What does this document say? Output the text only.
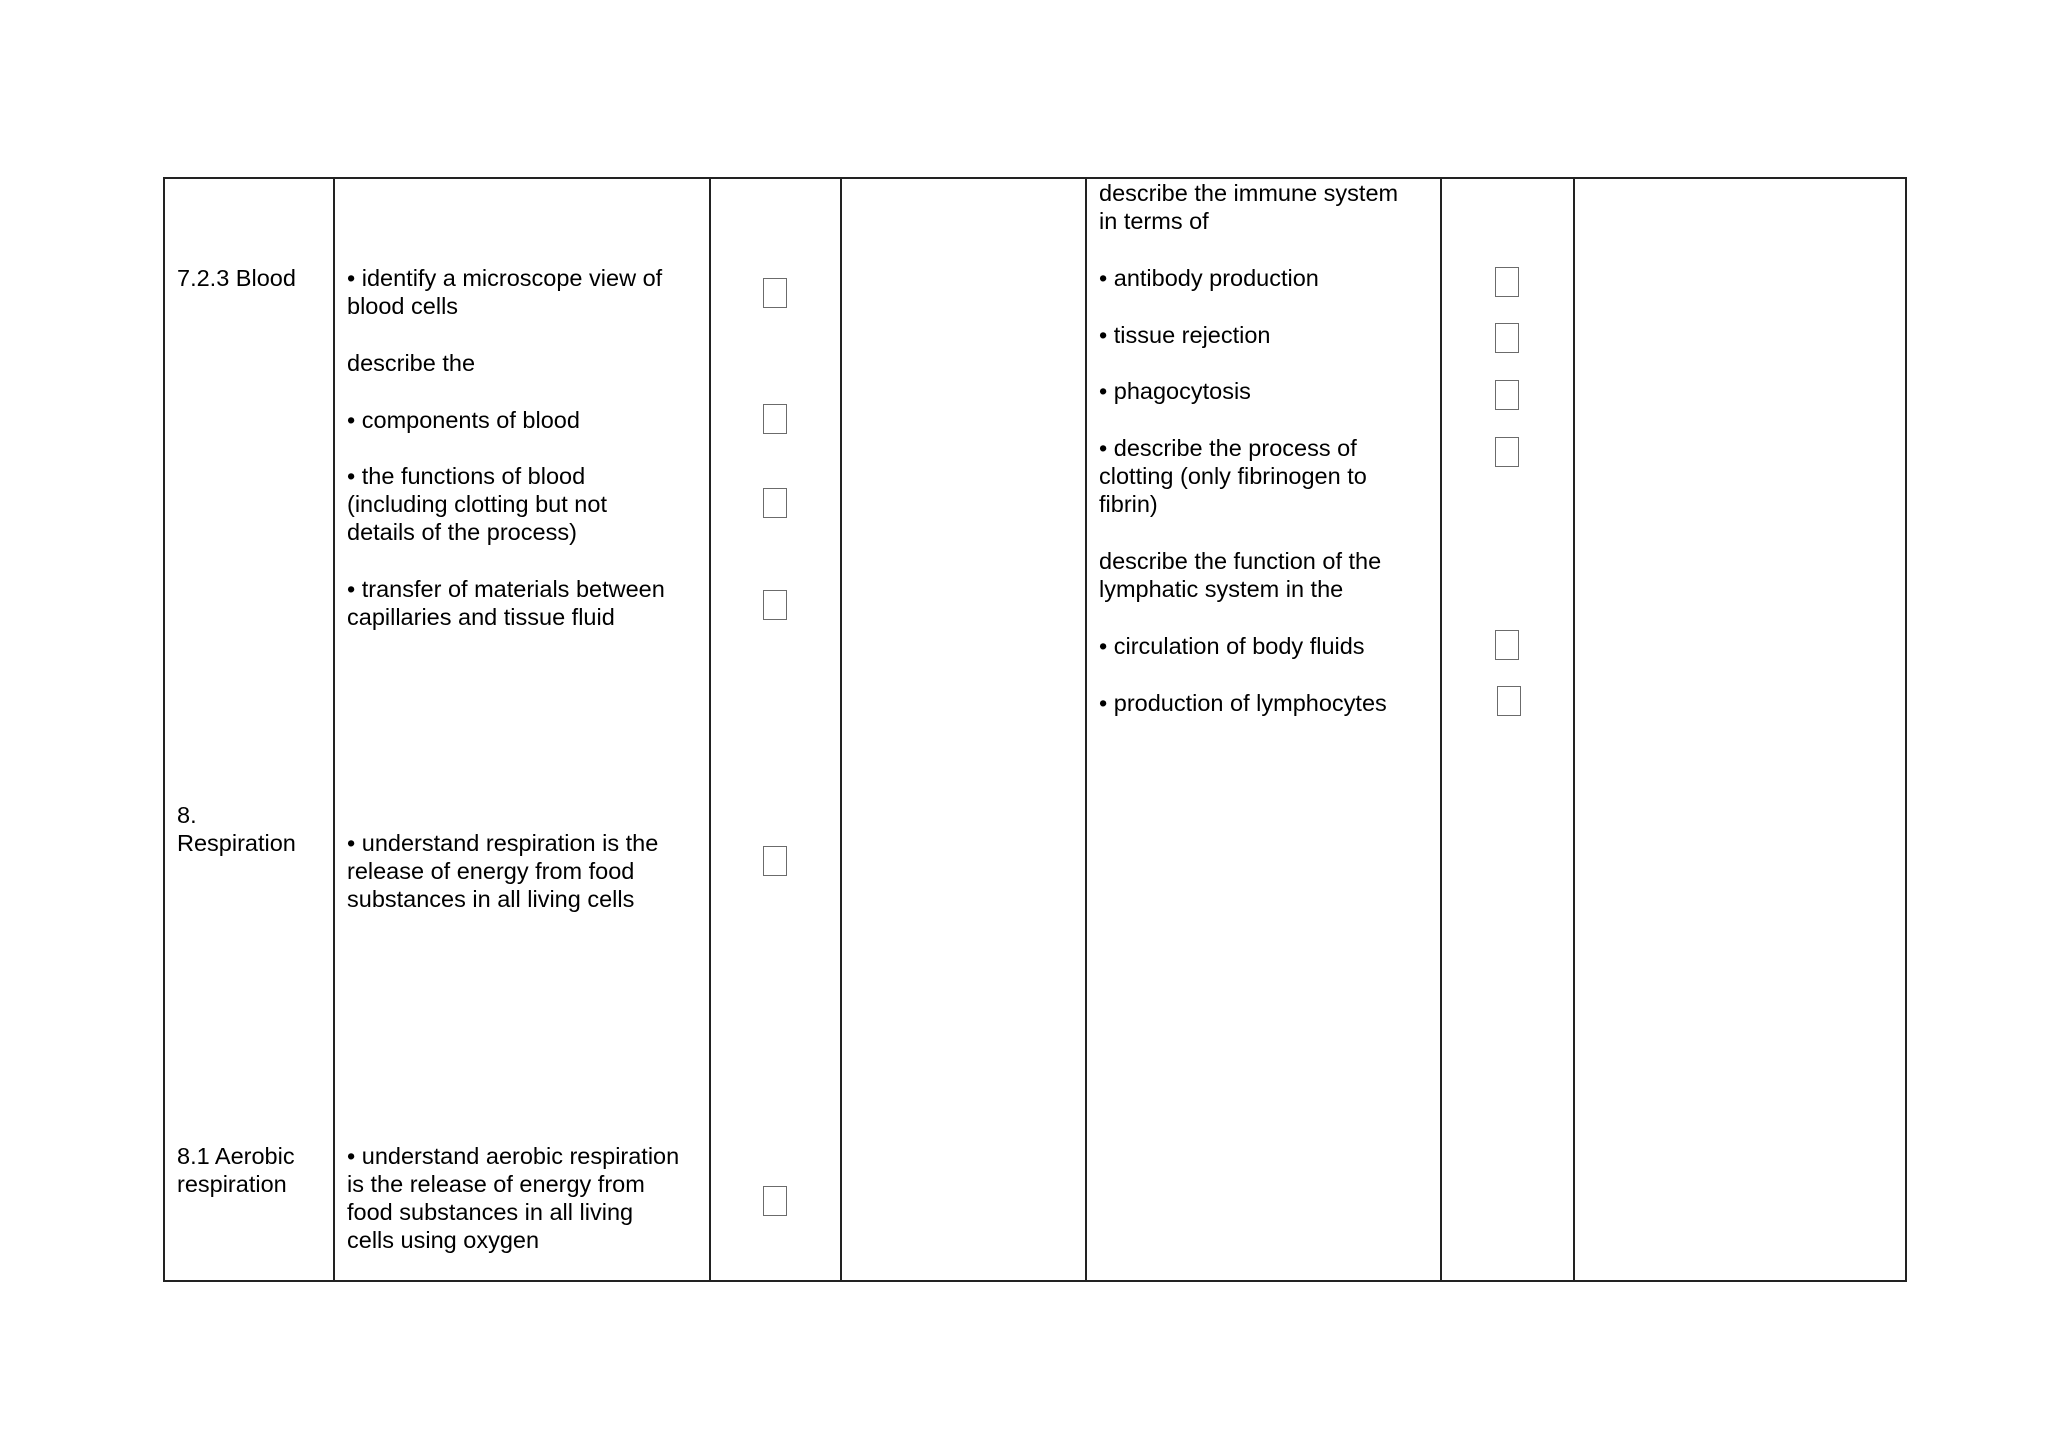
7.2.3 Blood
8.
Respiration
8.1 Aerobic
respiration
• identify a microscope view of
blood cells
describe the
• components of blood
• the functions of blood
(including clotting but not
details of the process)
• transfer of materials between
capillaries and tissue fluid
• understand respiration is the
release of energy from food
substances in all living cells
• understand aerobic respiration
is the release of energy from
food substances in all living
cells using oxygen
describe the immune system
in terms of
• antibody production
• tissue rejection
• phagocytosis
• describe the process of
clotting (only fibrinogen to
fibrin)
describe the function of the
lymphatic system in the
• circulation of body fluids
• production of lymphocytes
